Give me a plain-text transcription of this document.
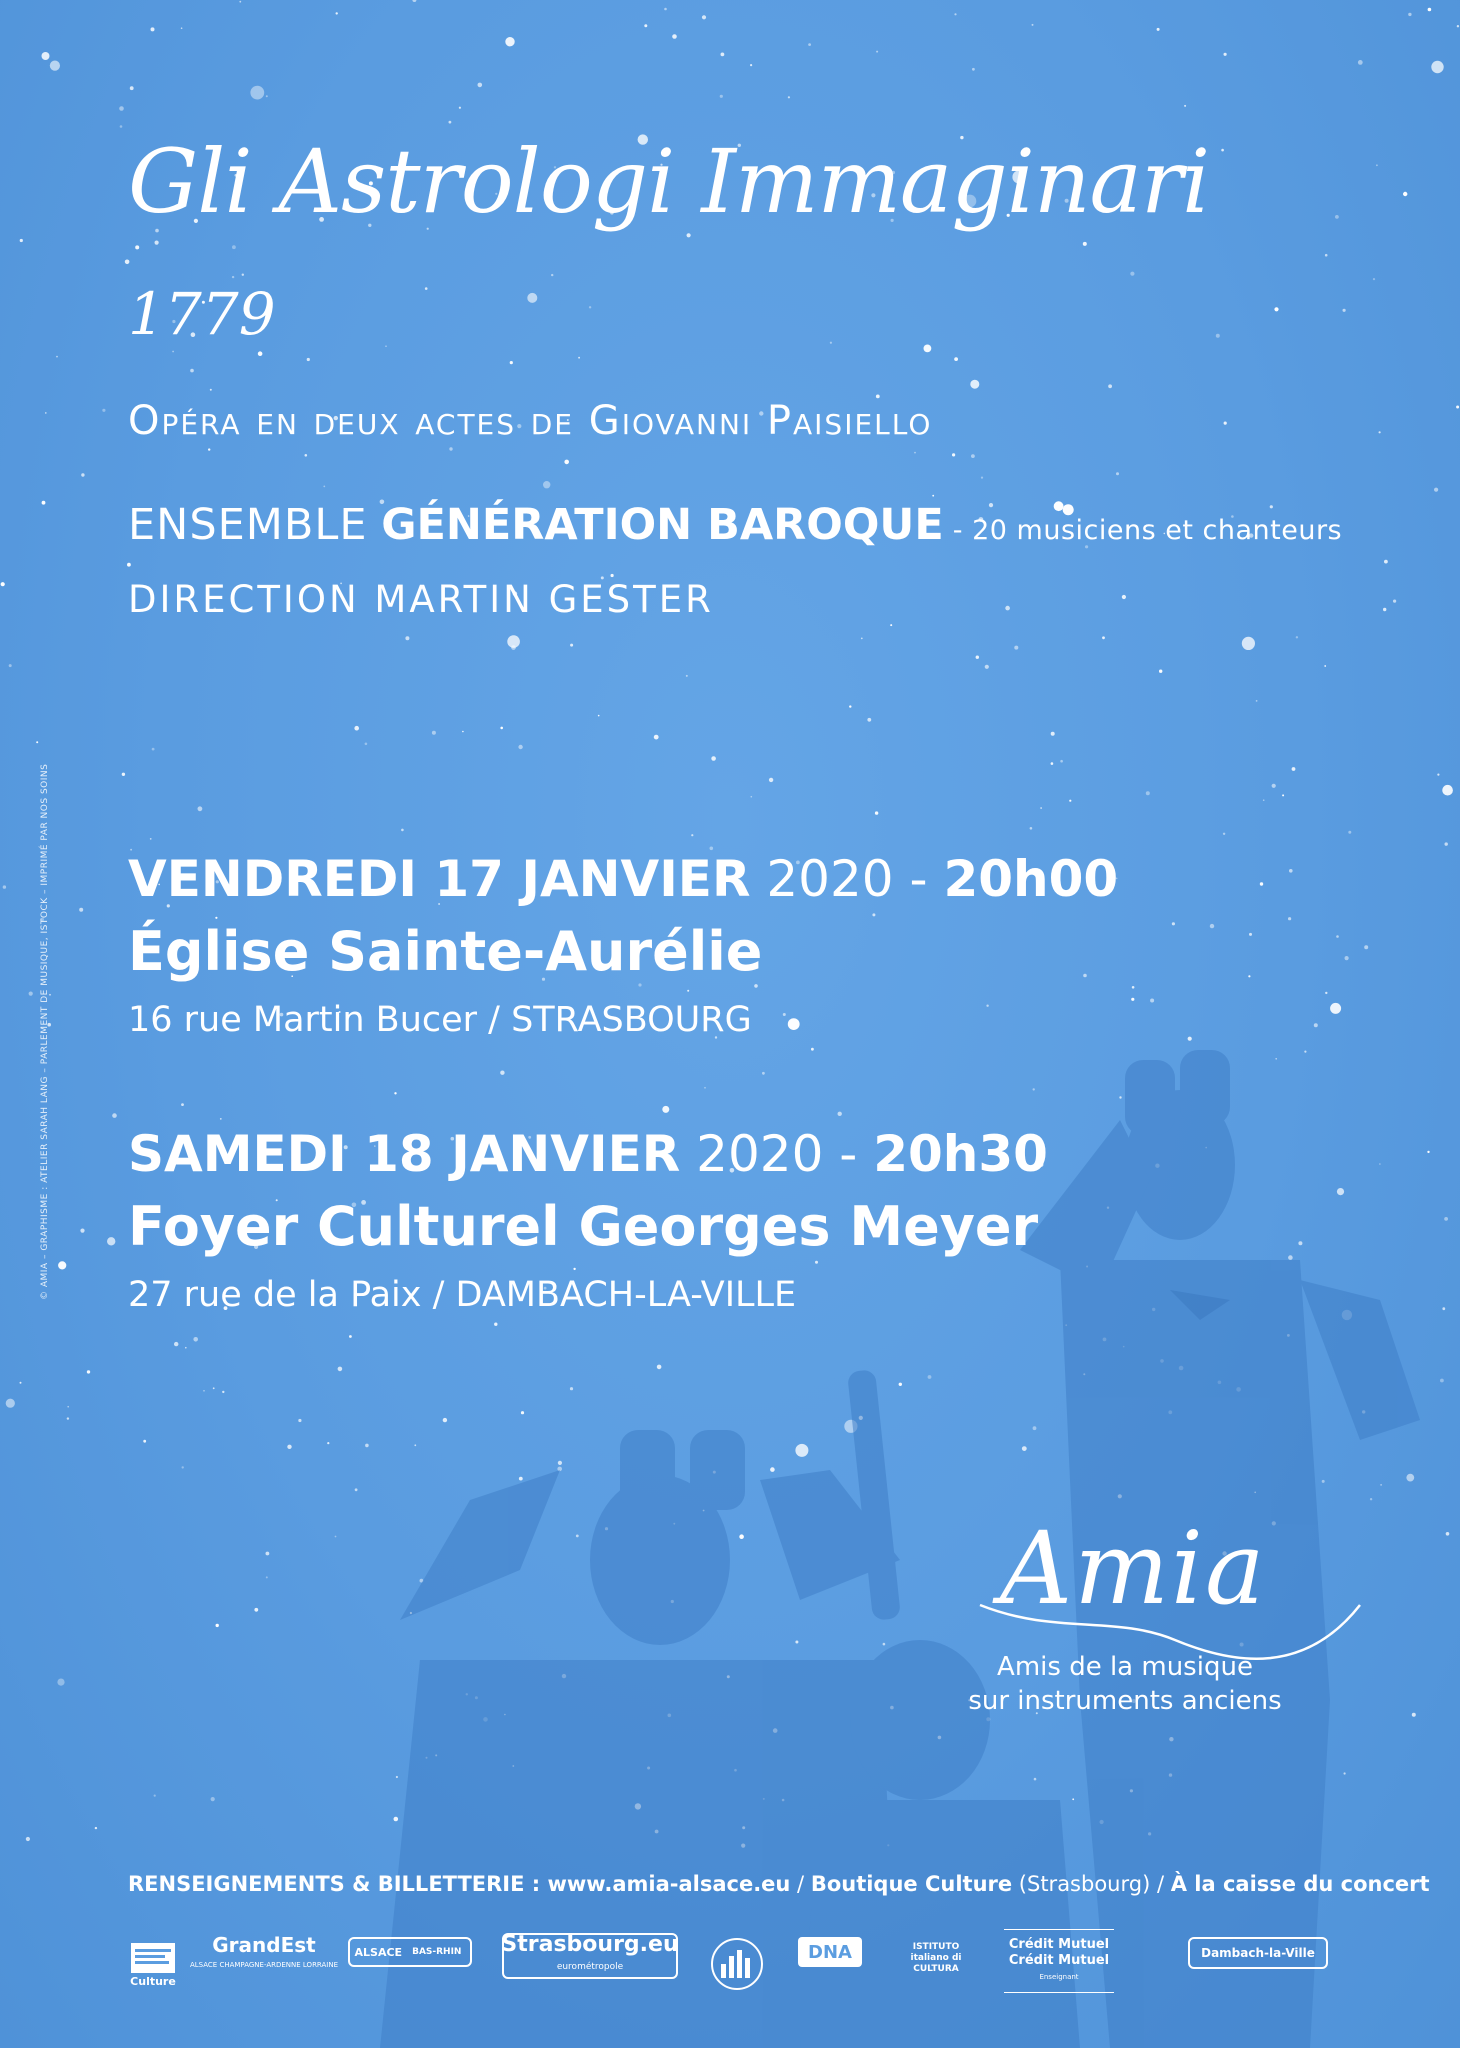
Gli Astrologi Immaginari
1779
Opéra en deux actes de Giovanni Paisiello
ENSEMBLE GÉNÉRATION BAROQUE - 20 musiciens et chanteurs
DIRECTION MARTIN GESTER
VENDREDI 17 JANVIER 2020 - 20h00
Église Sainte-Aurélie
16 rue Martin Bucer / STRASBOURG
SAMEDI 18 JANVIER 2020 - 20h30
Foyer Culturel Georges Meyer
27 rue de la Paix / DAMBACH-LA-VILLE
© AMIA – GRAPHISME : ATELIER SARAH LANG – PARLEMENT DE MUSIQUE, ISTOCK – IMPRIMÉ PAR NOS SOINS
Amia
Amis de la musique
sur instruments anciens
RENSEIGNEMENTS & BILLETTERIE : www.amia-alsace.eu / Boutique Culture (Strasbourg) / À la caisse du concert
Culture
GrandEst
ALSACE CHAMPAGNE-ARDENNE LORRAINE
ALSACE	BAS-RHIN Strasbourg.eu
eurométropole
DNA	ISTITUTO italiano di CULTURA
Crédit Mutuel
Crédit Mutuel
Enseignant
Dambach-la-Ville
